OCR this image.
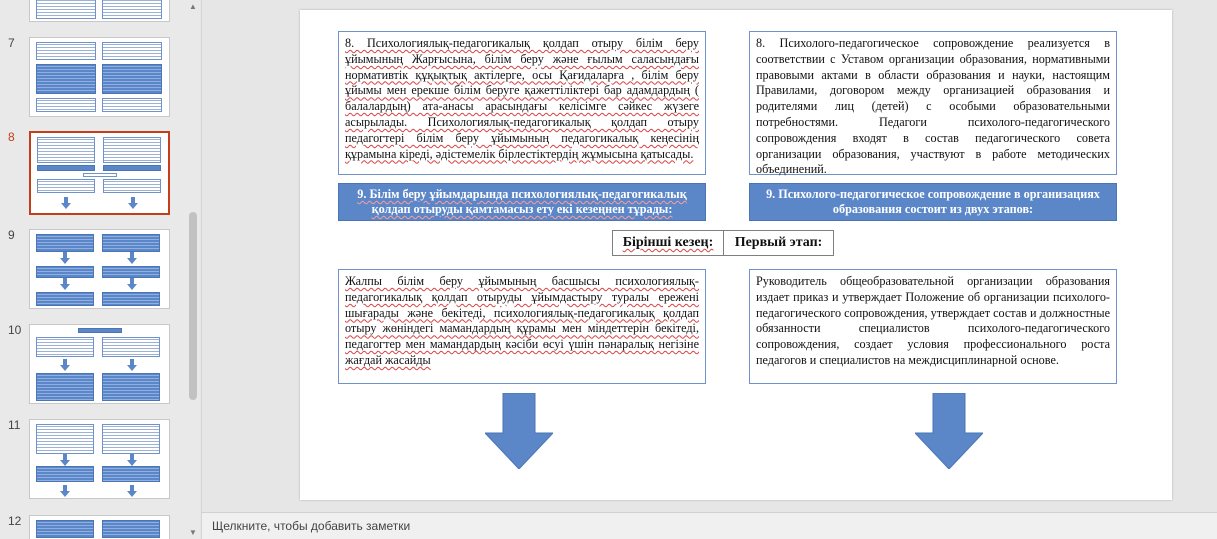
7
8
9
10
11
12
▲
▼
8. Психологиялық-педагогикалық қолдап отыру білім беру ұйымының Жарғысына, білім беру және ғылым саласындағы нормативтік құқықтық актілерге, осы Қағидаларға , білім беру ұйымы мен ерекше білім беруге қажеттіліктері бар адамдардың ( балалардың) ата-анасы арасындағы келісімге сәйкес жүзеге асырылады. Психологиялық-педагогикалық қолдап отыру педагогтері білім беру ұйымының педагогикалық кеңесінің құрамына кіреді, әдістемелік бірлестіктердің жұмысына қатысады.
8. Психолого-педагогическое сопровождение реализуется в соответствии с Уставом организации образования, нормативными правовыми актами в области образования и науки, настоящим Правилами, договором между организацией образования и родителями лиц (детей) с особыми образовательными потребностями. Педагоги психолого-педагогического сопровождения входят в состав педагогического совета организации образования, участвуют в работе методических объединений.
9. Білім беру ұйымдарында психологиялық-педагогикалық қолдап отыруды қамтамасыз ету екі кезеңнен тұрады:
9. Психолого-педагогическое сопровождение в организациях образования состоит из двух этапов:
Бірінші кезең:	Первый этап:
Жалпы білім беру ұйымының басшысы психологиялық-педагогикалық қолдап отыруды ұйымдастыру туралы ережені шығарады және бекітеді, психологиялық-педагогикалық қолдап отыру жөніндегі мамандардың құрамы мен міндеттерін бекітеді, педагогтер мен мамандардың кәсіби өсуі үшін пәнаралық негізіне жағдай жасайды
Руководитель общеобразовательной организации образования издает приказ и утверждает Положение об организации психолого-педагогического сопровождения, утверждает состав и должностные обязанности специалистов психолого-педагогического сопровождения, создает условия профессионального роста педагогов и специалистов на междисциплинарной основе.
Щелкните, чтобы добавить заметки
